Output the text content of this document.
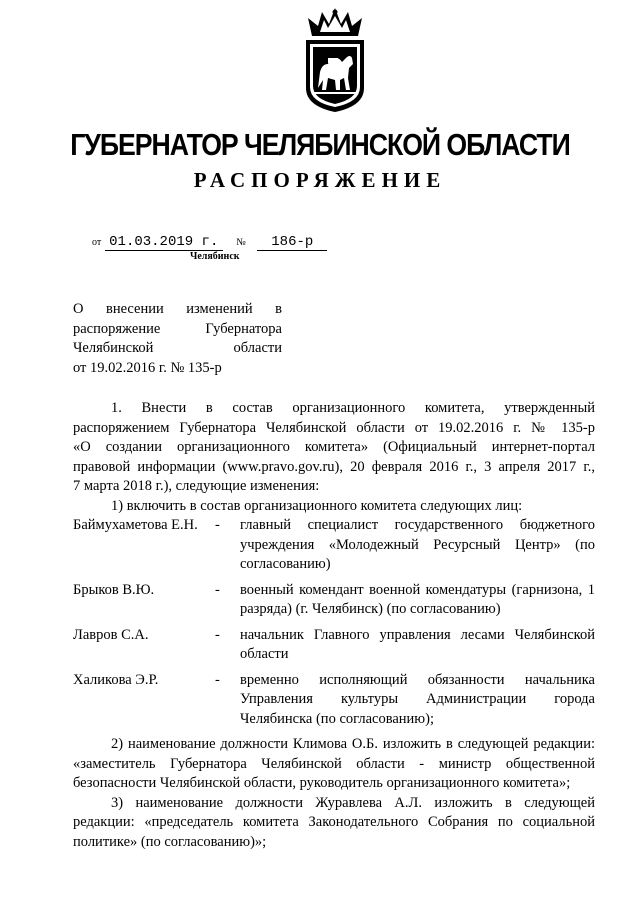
ГУБЕРНАТОР ЧЕЛЯБИНСКОЙ ОБЛАСТИ
РАСПОРЯЖЕНИЕ
от 01.03.2019 г. № 186-р
Челябинск
О внесении изменений в
распоряжение Губернатора
Челябинской области
от 19.02.2016 г. № 135-р
1. Внести в состав организационного комитета, утвержденный
распоряжением Губернатора Челябинской области от 19.02.2016 г. № 135-р
«О создании организационного комитета» (Официальный интернет-портал
правовой информации (www.pravo.gov.ru), 20 февраля 2016 г., 3 апреля 2017 г.,
7 марта 2018 г.), следующие изменения:
1) включить в состав организационного комитета следующих лиц:
Баймухаметова Е.Н.	-	главный специалист государственного бюджетного учреждения «Молодежный Ресурсный Центр» (по согласованию)
Брыков В.Ю.	-	военный комендант военной комендатуры (гарнизона, 1 разряда) (г. Челябинск) (по согласованию)
Лавров С.А.	-	начальник Главного управления лесами Челябинской области
Халикова Э.Р.	-	временно исполняющий обязанности начальника Управления культуры Администрации города Челябинска (по согласованию);
2) наименование должности Климова О.Б. изложить в следующей редакции: «заместитель Губернатора Челябинской области - министр общественной безопасности Челябинской области, руководитель организационного комитета»;
3) наименование должности Журавлева А.Л. изложить в следующей редакции: «председатель комитета Законодательного Собрания по социальной политике» (по согласованию)»;
